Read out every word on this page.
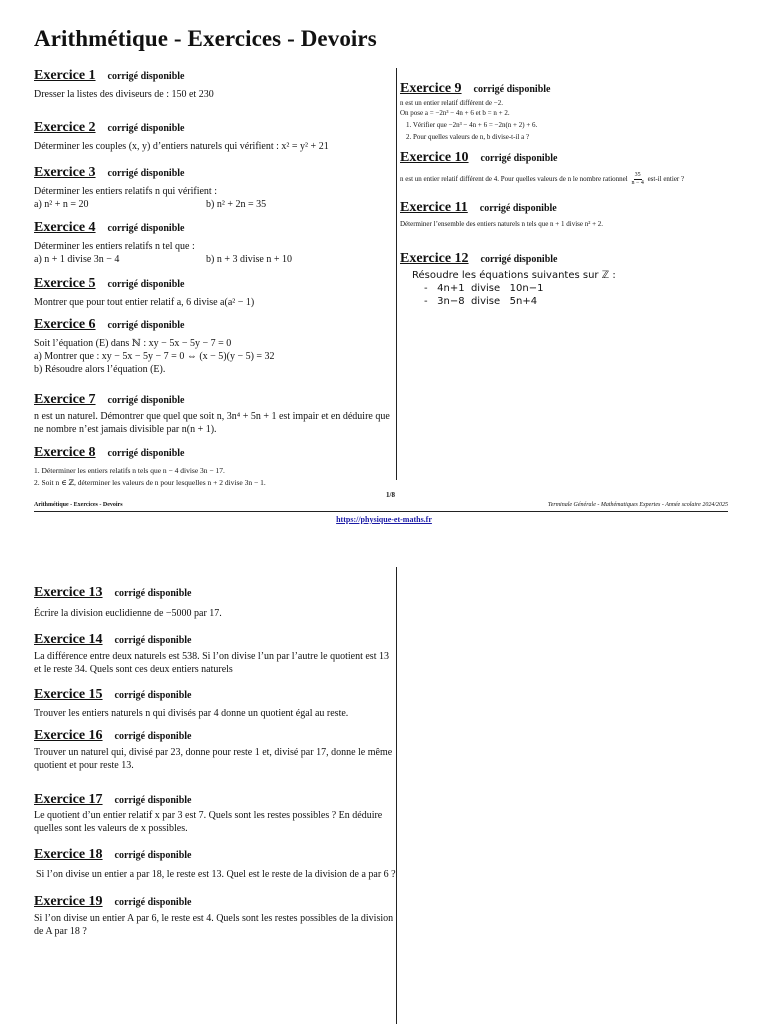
Arithmétique - Exercices - Devoirs
Exercice 1 corrigé disponible
Dresser la listes des diviseurs de : 150 et 230
Exercice 2 corrigé disponible
Déterminer les couples (x, y) d’entiers naturels qui vérifient : x² = y² + 21
Exercice 3 corrigé disponible
Déterminer les entiers relatifs n qui vérifient :
a) n² + n = 20	b) n² + 2n = 35
Exercice 4 corrigé disponible
Déterminer les entiers relatifs n tel que :
a) n + 1 divise 3n − 4	b) n + 3 divise n + 10
Exercice 5 corrigé disponible
Montrer que pour tout entier relatif a, 6 divise a(a² − 1)
Exercice 6 corrigé disponible
Soit l’équation (E) dans ℕ : xy − 5x − 5y − 7 = 0
a) Montrer que : xy − 5x − 5y − 7 = 0 ⇔ (x − 5)(y − 5) = 32
b) Résoudre alors l’équation (E).
Exercice 7 corrigé disponible
n est un naturel. Démontrer que quel que soit n, 3n⁴ + 5n + 1 est impair et en déduire que
ne nombre n’est jamais divisible par n(n + 1).
Exercice 8 corrigé disponible
1. Déterminer les entiers relatifs n tels que n − 4 divise 3n − 17.
2. Soit n ∈ ℤ, déterminer les valeurs de n pour lesquelles n + 2 divise 3n − 1.
Exercice 9 corrigé disponible
n est un entier relatif différent de −2.
On pose a = −2n³ − 4n + 6 et b = n + 2.
1. Vérifier que −2n³ − 4n + 6 = −2n(n + 2) + 6.
2. Pour quelles valeurs de n, b divise-t-il a ?
Exercice 10 corrigé disponible
n est un entier relatif différent de 4. Pour quelles valeurs de n le nombre rationnel $\frac{35}{n - 4} est-il$ entier ?
Exercice 11 corrigé disponible
Déterminer l’ensemble des entiers naturels n tels que n + 1 divise n² + 2.
Exercice 12 corrigé disponible
Résoudre les équations suivantes sur ℤ :
-   4n+1  divise   10n−1
-   3n−8  divise   5n+4
1/8
Arithmétique - Exercices - Devoirs	Terminale Générale - Mathématiques Expertes - Année scolaire 2024/2025
https://physique-et-maths.fr
Exercice 13 corrigé disponible
Écrire la division euclidienne de −5000 par 17.
Exercice 14 corrigé disponible
La différence entre deux naturels est 538. Si l’on divise l’un par l’autre le quotient est 13
et le reste 34. Quels sont ces deux entiers naturels
Exercice 15 corrigé disponible
Trouver les entiers naturels n qui divisés par 4 donne un quotient égal au reste.
Exercice 16 corrigé disponible
Trouver un naturel qui, divisé par 23, donne pour reste 1 et, divisé par 17, donne le même
quotient et pour reste 13.
Exercice 17 corrigé disponible
Le quotient d’un entier relatif x par 3 est 7. Quels sont les restes possibles ? En déduire
quelles sont les valeurs de x possibles.
Exercice 18 corrigé disponible
Si l’on divise un entier a par 18, le reste est 13. Quel est le reste de la division de a par 6 ?
Exercice 19 corrigé disponible
Si l’on divise un entier A par 6, le reste est 4. Quels sont les restes possibles de la division
de A par 18 ?
